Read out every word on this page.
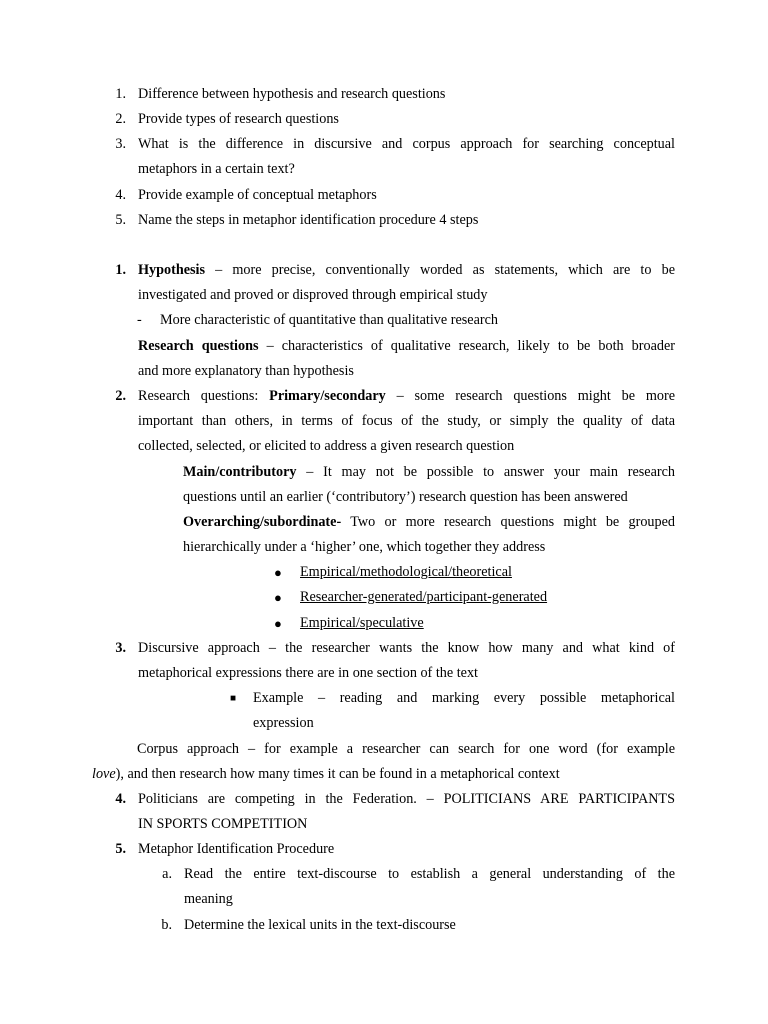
1. Difference between hypothesis and research questions
2. Provide types of research questions
3. What is the difference in discursive and corpus approach for searching conceptual
metaphors in a certain text?
4. Provide example of conceptual metaphors
5. Name the steps in metaphor identification procedure 4 steps
1. Hypothesis – more precise, conventionally worded as statements, which are to be
investigated and proved or disproved through empirical study
- More characteristic of quantitative than qualitative research
Research questions – characteristics of qualitative research, likely to be both broader
and more explanatory than hypothesis
2. Research questions: Primary/secondary – some research questions might be more
important than others, in terms of focus of the study, or simply the quality of data
collected, selected, or elicited to address a given research question
Main/contributory – It may not be possible to answer your main research
questions until an earlier (‘contributory’) research question has been answered
Overarching/subordinate- Two or more research questions might be grouped
hierarchically under a ‘higher’ one, which together they address
● Empirical/methodological/theoretical
● Researcher-generated/participant-generated
● Empirical/speculative
3. Discursive approach – the researcher wants the know how many and what kind of
metaphorical expressions there are in one section of the text
■ Example – reading and marking every possible metaphorical
expression
Corpus approach – for example a researcher can search for one word (for example
love), and then research how many times it can be found in a metaphorical context
4. Politicians are competing in the Federation. – POLITICIANS ARE PARTICIPANTS
IN SPORTS COMPETITION
5. Metaphor Identification Procedure
a. Read the entire text-discourse to establish a general understanding of the
meaning
b. Determine the lexical units in the text-discourse
